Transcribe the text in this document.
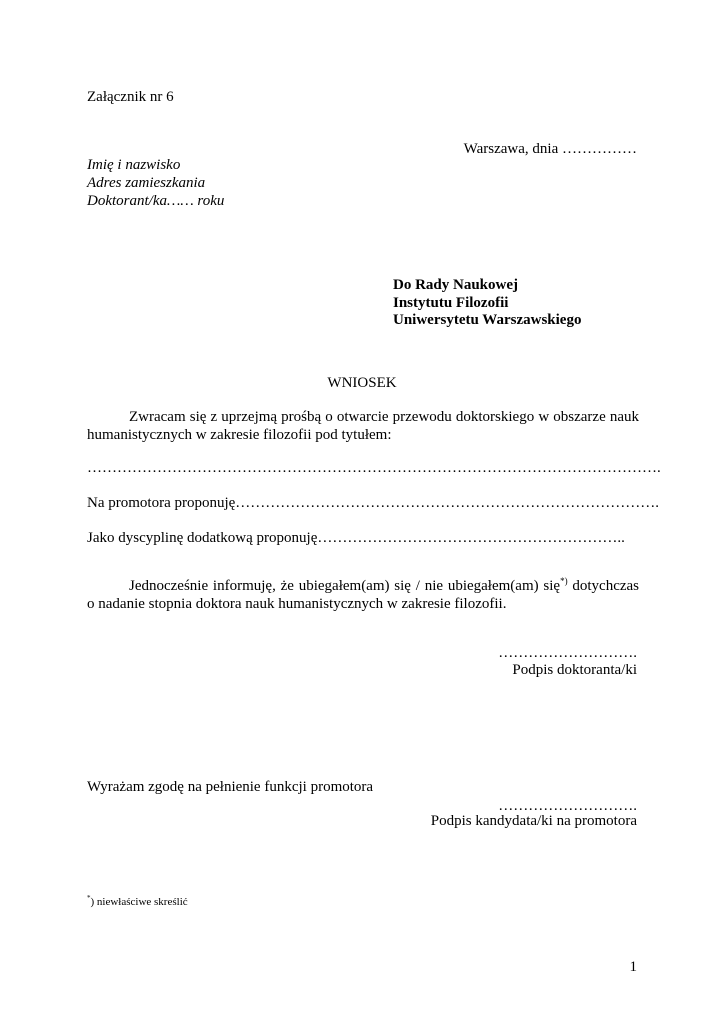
Załącznik nr 6
Warszawa, dnia ……………
Imię i nazwisko
Adres zamieszkania
Doktorant/ka…… roku
Do Rady Naukowej
Instytutu Filozofii
Uniwersytetu Warszawskiego
WNIOSEK
Zwracam się z uprzejmą prośbą o otwarcie przewodu doktorskiego w obszarze nauk humanistycznych w zakresie filozofii pod tytułem:
…………………………………………………………………………………………………….
Na promotora proponuję………………………………………………………………………….
Jako dyscyplinę dodatkową proponuję……………………………………………………..
Jednocześnie informuję, że ubiegałem(am) się / nie ubiegałem(am) się*) dotychczas o nadanie stopnia doktora nauk humanistycznych w zakresie filozofii.
……………………….
Podpis doktoranta/ki
Wyrażam zgodę na pełnienie funkcji promotora
……………………….
Podpis kandydata/ki na promotora
*) niewłaściwe skreślić
1
